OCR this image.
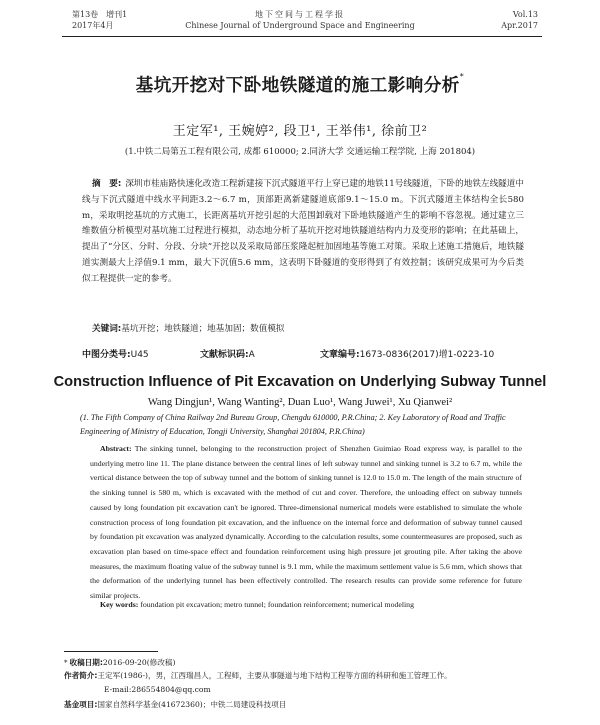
第13卷　增刊1
2017年4月
地下空间与工程学报
Chinese Journal of Underground Space and Engineering
Vol.13
Apr.2017
基坑开挖对下卧地铁隧道的施工影响分析*
王定军¹, 王婉婷², 段卫¹, 王举伟¹, 徐前卫²
(1.中铁二局第五工程有限公司, 成都 610000; 2.同济大学 交通运输工程学院, 上海 201804)
摘　要: 深圳市桂庙路快速化改造工程新建接下沉式隧道平行上穿已建的地铁11号线隧道，下卧的地铁左线隧道中线与下沉式隧道中线水平间距3.2～6.7 m，顶部距离新建隧道底部9.1～15.0 m。下沉式隧道主体结构全长580 m，采取明挖基坑的方式施工，长距离基坑开挖引起的大范围卸载对下卧地铁隧道产生的影响不容忽视。通过建立三维数值分析模型对基坑施工过程进行模拟，动态地分析了基坑开挖对地铁隧道结构内力及变形的影响；在此基础上，提出了“分区、分时、分段、分块”开挖以及采取局部压浆隆起桩加固地基等施工对策。采取上述施工措施后，地铁隧道实测最大上浮值9.1 mm，最大下沉值5.6 mm，这表明下卧隧道的变形得到了有效控制；该研究成果可为今后类似工程提供一定的参考。
关键词:基坑开挖；地铁隧道；地基加固；数值模拟
中图分类号:U45	文献标识码:A	文章编号:1673-0836(2017)增1-0223-10
Construction Influence of Pit Excavation on Underlying Subway Tunnel
Wang Dingjun¹, Wang Wanting², Duan Luo¹, Wang Juwei¹, Xu Qianwei²
(1. The Fifth Company of China Railway 2nd Bureau Group, Chengdu 610000, P.R.China; 2. Key Laboratory of Road and Traffic Engineering of Ministry of Education, Tongji University, Shanghai 201804, P.R.China)
Abstract: The sinking tunnel, belonging to the reconstruction project of Shenzhen Guimiao Road express way, is parallel to the underlying metro line 11. The plane distance between the central lines of left subway tunnel and sinking tunnel is 3.2 to 6.7 m, while the vertical distance between the top of subway tunnel and the bottom of sinking tunnel is 12.0 to 15.0 m. The length of the main structure of the sinking tunnel is 580 m, which is excavated with the method of cut and cover. Therefore, the unloading effect on subway tunnels caused by long foundation pit excavation can't be ignored. Three-dimensional numerical models were established to simulate the whole construction process of long foundation pit excavation, and the influence on the internal force and deformation of subway tunnel caused by foundation pit excavation was analyzed dynamically. According to the calculation results, some countermeasures are proposed, such as excavation plan based on time-space effect and foundation reinforcement using high pressure jet grouting pile. After taking the above measures, the maximum floating value of the subway tunnel is 9.1 mm, while the maximum settlement value is 5.6 mm, which shows that the deformation of the underlying tunnel has been effectively controlled. The research results can provide some reference for future similar projects.
Key words: foundation pit excavation; metro tunnel; foundation reinforcement; numerical modeling
* 收稿日期:2016-09-20(修改稿)
作者简介:王定军(1986-)，男，江西瑞昌人，工程师，主要从事隧道与地下结构工程等方面的科研和施工管理工作。
E-mail:286554804@qq.com
基金项目:国家自然科学基金(41672360)；中铁二局建设科技项目
